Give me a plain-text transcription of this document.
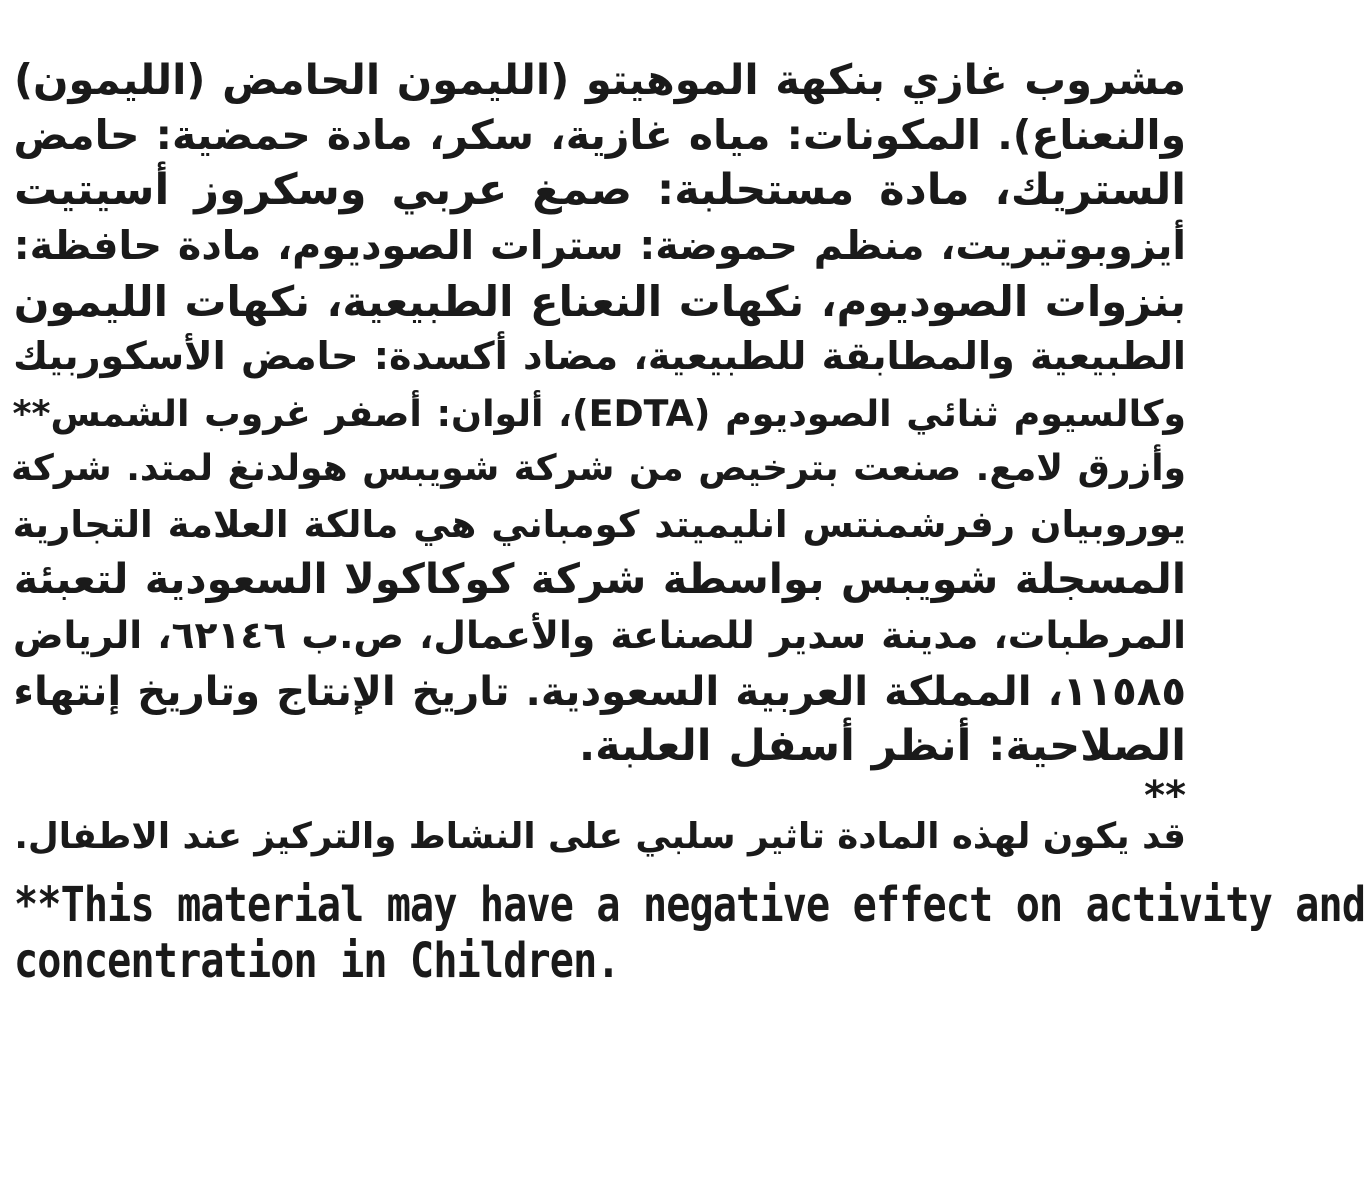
مشروب غازي بنكهة الموهيتو (الليمون الحامض (الليمون)
والنعناع). المكونات: مياه غازية، سكر، مادة حمضية: حامض
الستريك، مادة مستحلبة: صمغ عربي وسكروز أسيتيت
أيزوبوتيريت، منظم حموضة: سترات الصوديوم، مادة حافظة:
بنزوات الصوديوم، نكهات النعناع الطبيعية، نكهات الليمون
الطبيعية والمطابقة للطبيعية، مضاد أكسدة: حامض الأسكوربيك
وكالسيوم ثنائي الصوديوم (EDTA)، ألوان: أصفر غروب الشمس**
وأزرق لامع. صنعت بترخيص من شركة شويبس هولدنغ لمتد. شركة
يوروبيان رفرشمنتس انليميتد كومباني هي مالكة العلامة التجارية
المسجلة شويبس بواسطة شركة كوكاكولا السعودية لتعبئة
المرطبات، مدينة سدير للصناعة والأعمال، ص.ب ٦٢١٤٦، الرياض
١١٥٨٥، المملكة العربية السعودية. تاريخ الإنتاج وتاريخ إنتهاء
الصلاحية: أنظر أسفل العلبة.
**
قد يكون لهذه المادة تاثير سلبي على النشاط والتركيز عند الاطفال.
**This material may have a negative effect on activity and
concentration in Children.
